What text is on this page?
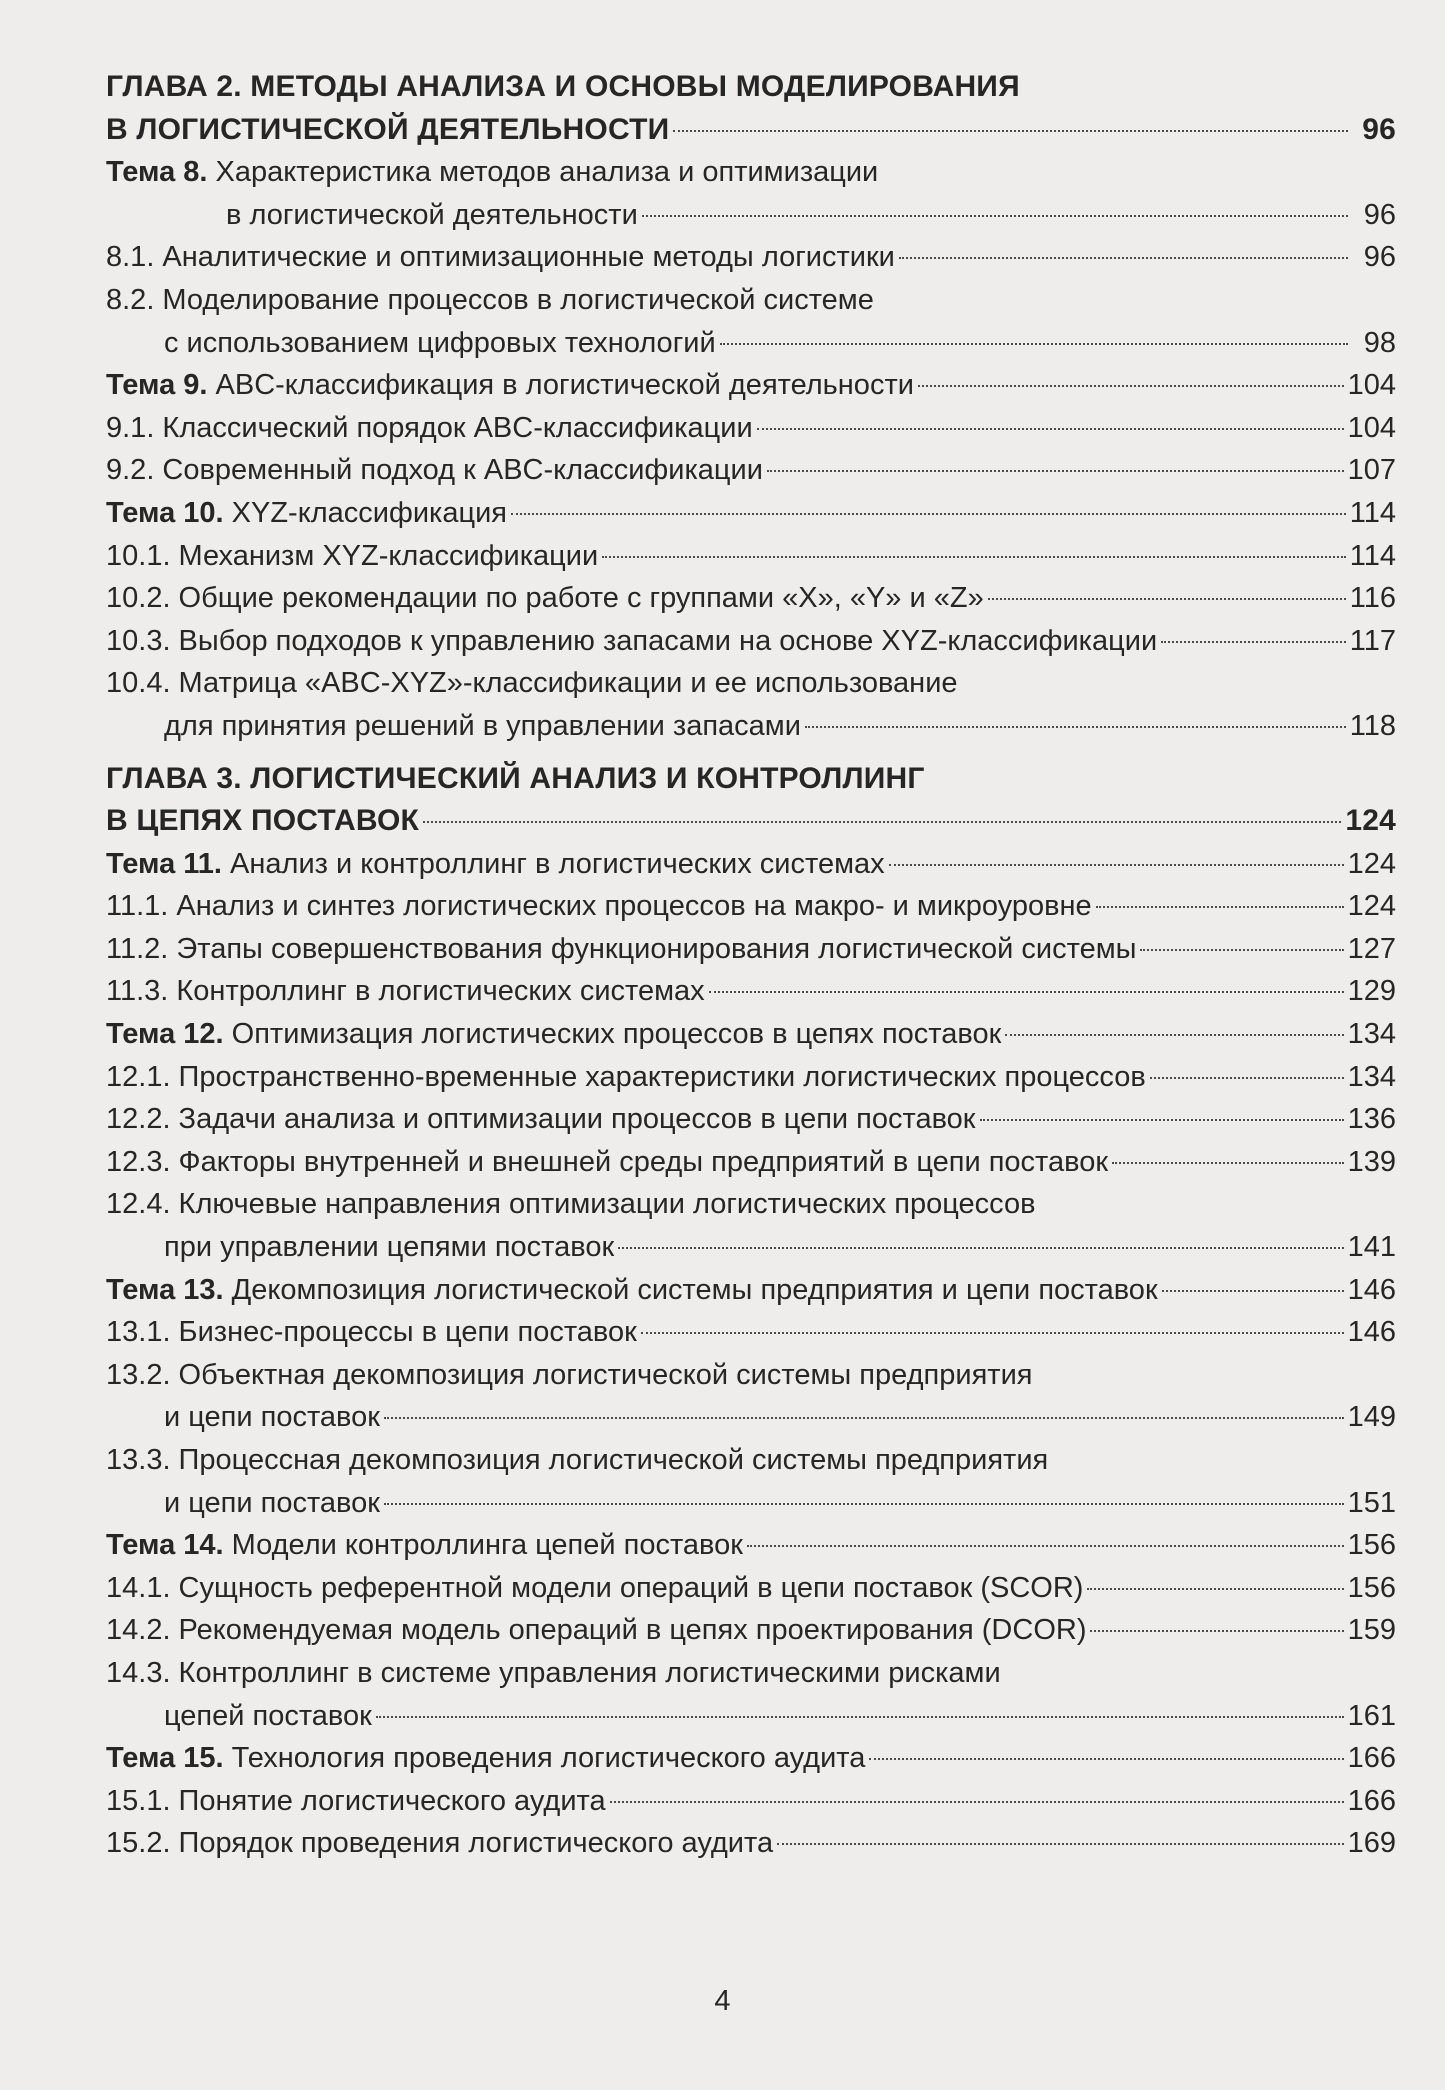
ГЛАВА 2. МЕТОДЫ АНАЛИЗА И ОСНОВЫ МОДЕЛИРОВАНИЯ
В ЛОГИСТИЧЕСКОЙ ДЕЯТЕЛЬНОСТИ	96
Тема 8. Характеристика методов анализа и оптимизации
в логистической деятельности	96
8.1. Аналитические и оптимизационные методы логистики	96
8.2. Моделирование процессов в логистической системе
с использованием цифровых технологий	98
Тема 9. ABC-классификация в логистической деятельности	104
9.1. Классический порядок ABC-классификации	104
9.2. Современный подход к ABC-классификации	107
Тема 10. XYZ-классификация	114
10.1. Механизм XYZ-классификации	114
10.2. Общие рекомендации по работе с группами «X», «Y» и «Z»	116
10.3. Выбор подходов к управлению запасами на основе XYZ-классификации	117
10.4. Матрица «ABC-XYZ»-классификации и ее использование
для принятия решений в управлении запасами	118
ГЛАВА 3. ЛОГИСТИЧЕСКИЙ АНАЛИЗ И КОНТРОЛЛИНГ
В ЦЕПЯХ ПОСТАВОК	124
Тема 11. Анализ и контроллинг в логистических системах	124
11.1. Анализ и синтез логистических процессов на макро- и микроуровне	124
11.2. Этапы совершенствования функционирования логистической системы	127
11.3. Контроллинг в логистических системах	129
Тема 12. Оптимизация логистических процессов в цепях поставок	134
12.1. Пространственно-временные характеристики логистических процессов	134
12.2. Задачи анализа и оптимизации процессов в цепи поставок	136
12.3. Факторы внутренней и внешней среды предприятий в цепи поставок	139
12.4. Ключевые направления оптимизации логистических процессов
при управлении цепями поставок	141
Тема 13. Декомпозиция логистической системы предприятия и цепи поставок	146
13.1. Бизнес-процессы в цепи поставок	146
13.2. Объектная декомпозиция логистической системы предприятия
и цепи поставок	149
13.3. Процессная декомпозиция логистической системы предприятия
и цепи поставок	151
Тема 14. Модели контроллинга цепей поставок	156
14.1. Сущность референтной модели операций в цепи поставок (SCOR)	156
14.2. Рекомендуемая модель операций в цепях проектирования (DCOR)	159
14.3. Контроллинг в системе управления логистическими рисками
цепей поставок	161
Тема 15. Технология проведения логистического аудита	166
15.1. Понятие логистического аудита	166
15.2. Порядок проведения логистического аудита	169
4
